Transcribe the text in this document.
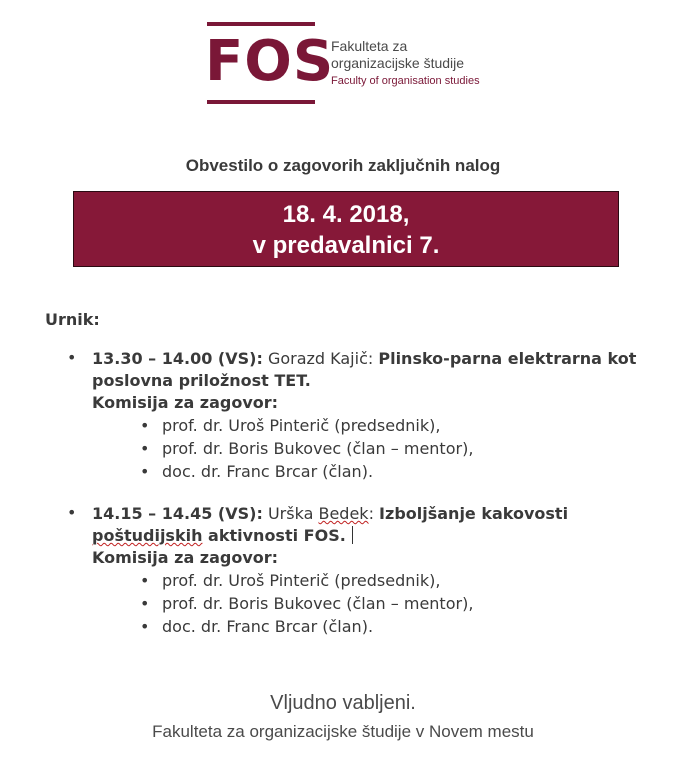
FOS
Fakulteta za
organizacijske študije
Faculty of organisation studies
Obvestilo o zagovorih zaključnih nalog
18. 4. 2018,
v predavalnici 7.
Urnik:
• 13.30 – 14.00 (VS): Gorazd Kajič: Plinsko-parna elektrarna kot
poslovna priložnost TET.
Komisija za zagovor:
• prof. dr. Uroš Pinterič (predsednik),
• prof. dr. Boris Bukovec (član – mentor),
• doc. dr. Franc Brcar (član).
• 14.15 – 14.45 (VS): Urška Bedek: Izboljšanje kakovosti
poštudijskih aktivnosti FOS.
Komisija za zagovor:
• prof. dr. Uroš Pinterič (predsednik),
• prof. dr. Boris Bukovec (član – mentor),
• doc. dr. Franc Brcar (član).
Vljudno vabljeni.
Fakulteta za organizacijske študije v Novem mestu
